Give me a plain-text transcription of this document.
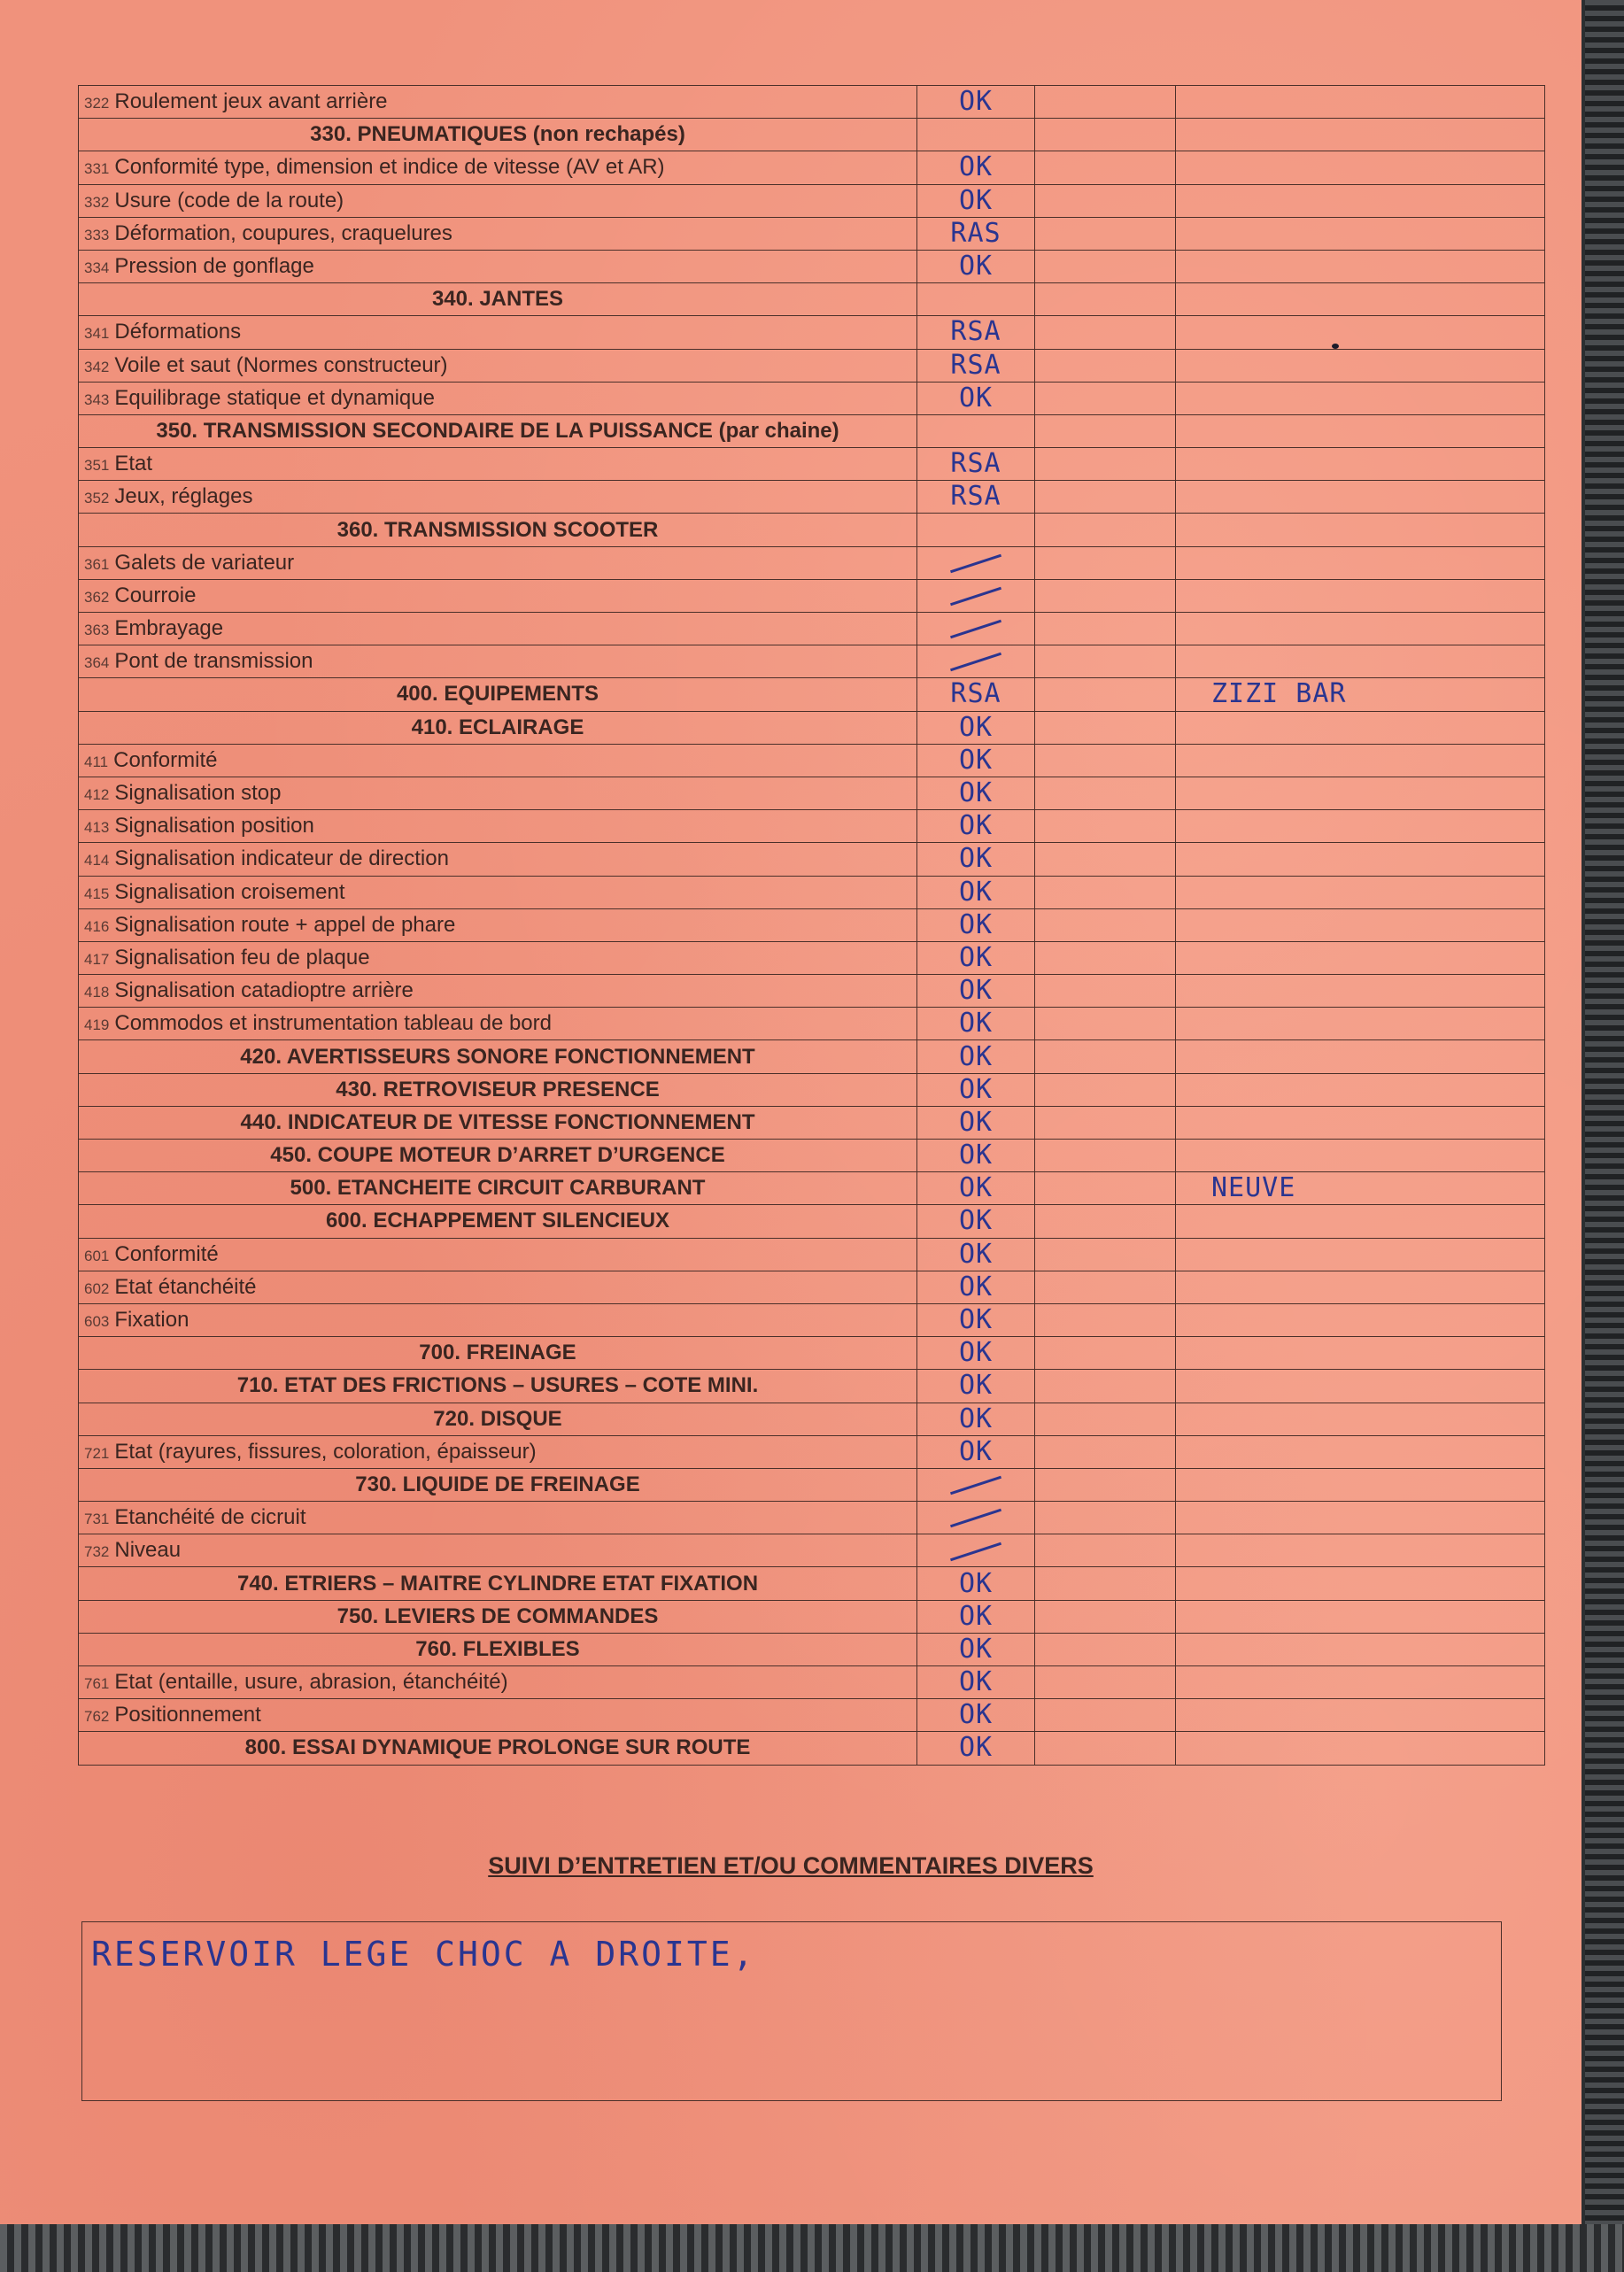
322 Roulement jeux avant arrière	OK		
330. PNEUMATIQUES (non rechapés)			
331 Conformité type, dimension et indice de vitesse (AV et AR)	OK		
332 Usure (code de la route)	OK		
333 Déformation, coupures, craquelures	RAS		
334 Pression de gonflage	OK		
340. JANTES			
341 Déformations	RSA		
342 Voile et saut (Normes constructeur)	RSA		
343 Equilibrage statique et dynamique	OK		
350. TRANSMISSION SECONDAIRE DE LA PUISSANCE (par chaine)			
351 Etat	RSA		
352 Jeux, réglages	RSA		
360. TRANSMISSION SCOOTER			
361 Galets de variateur			
362 Courroie			
363 Embrayage			
364 Pont de transmission			
400. EQUIPEMENTS	RSA		ZIZI BAR
410. ECLAIRAGE	OK		
411 Conformité	OK		
412 Signalisation stop	OK		
413 Signalisation position	OK		
414 Signalisation indicateur de direction	OK		
415 Signalisation croisement	OK		
416 Signalisation route + appel de phare	OK		
417 Signalisation feu de plaque	OK		
418 Signalisation catadioptre arrière	OK		
419 Commodos et instrumentation tableau de bord	OK		
420. AVERTISSEURS SONORE FONCTIONNEMENT	OK		
430. RETROVISEUR PRESENCE	OK		
440. INDICATEUR DE VITESSE FONCTIONNEMENT	OK		
450. COUPE MOTEUR D’ARRET D’URGENCE	OK		
500. ETANCHEITE CIRCUIT CARBURANT	OK		NEUVE
600. ECHAPPEMENT SILENCIEUX	OK		
601 Conformité	OK		
602 Etat étanchéité	OK		
603 Fixation	OK		
700. FREINAGE	OK		
710. ETAT DES FRICTIONS – USURES – COTE MINI.	OK		
720. DISQUE	OK		
721 Etat (rayures, fissures, coloration, épaisseur)	OK		
730. LIQUIDE DE FREINAGE			
731 Etanchéité de cicruit			
732 Niveau			
740. ETRIERS – MAITRE CYLINDRE ETAT FIXATION	OK		
750. LEVIERS DE COMMANDES	OK		
760. FLEXIBLES	OK		
761 Etat (entaille, usure, abrasion, étanchéité)	OK		
762 Positionnement	OK		
800. ESSAI DYNAMIQUE PROLONGE SUR ROUTE	OK		
SUIVI D’ENTRETIEN ET/OU COMMENTAIRES DIVERS
RESERVOIR LEGE CHOC A DROITE,
